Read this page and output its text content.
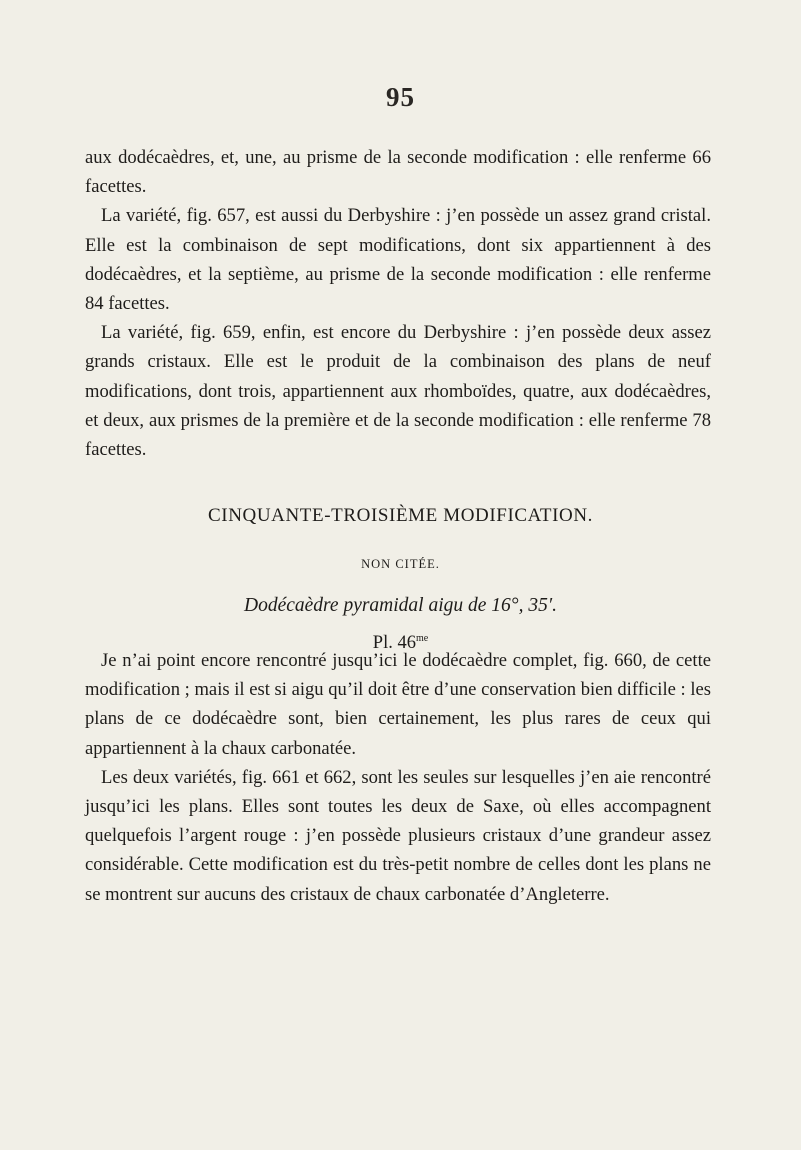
95

aux dodécaèdres, et, une, au prisme de la seconde modification : elle renferme 66 facettes.

La variété, fig. 657, est aussi du Derbyshire : j’en possède un assez grand cristal. Elle est la combinaison de sept modifications, dont six appartiennent à des dodécaèdres, et la septième, au prisme de la seconde modification : elle renferme 84 facettes.

La variété, fig. 659, enfin, est encore du Derbyshire : j’en possède deux assez grands cristaux. Elle est le produit de la combinaison des plans de neuf modifications, dont trois, appartiennent aux rhomboïdes, quatre, aux dodécaèdres, et deux, aux prismes de la première et de la seconde modification : elle renferme 78 facettes.

CINQUANTE-TROISIÈME MODIFICATION.
NON CITÉE.
Dodécaèdre pyramidal aigu de 16°, 35′.
Pl. $46^{me}$

Je n’ai point encore rencontré jusqu’ici le dodécaèdre complet, fig. 660, de cette modification ; mais il est si aigu qu’il doit être d’une conservation bien difficile : les plans de ce dodécaèdre sont, bien certainement, les plus rares de ceux qui appartiennent à la chaux carbonatée.

Les deux variétés, fig. 661 et 662, sont les seules sur lesquelles j’en aie rencontré jusqu’ici les plans. Elles sont toutes les deux de Saxe, où elles accompagnent quelquefois l’argent rouge : j’en possède plusieurs cristaux d’une grandeur assez considérable. Cette modification est du très-petit nombre de celles dont les plans ne se montrent sur aucuns des cristaux de chaux carbonatée d’Angleterre.
